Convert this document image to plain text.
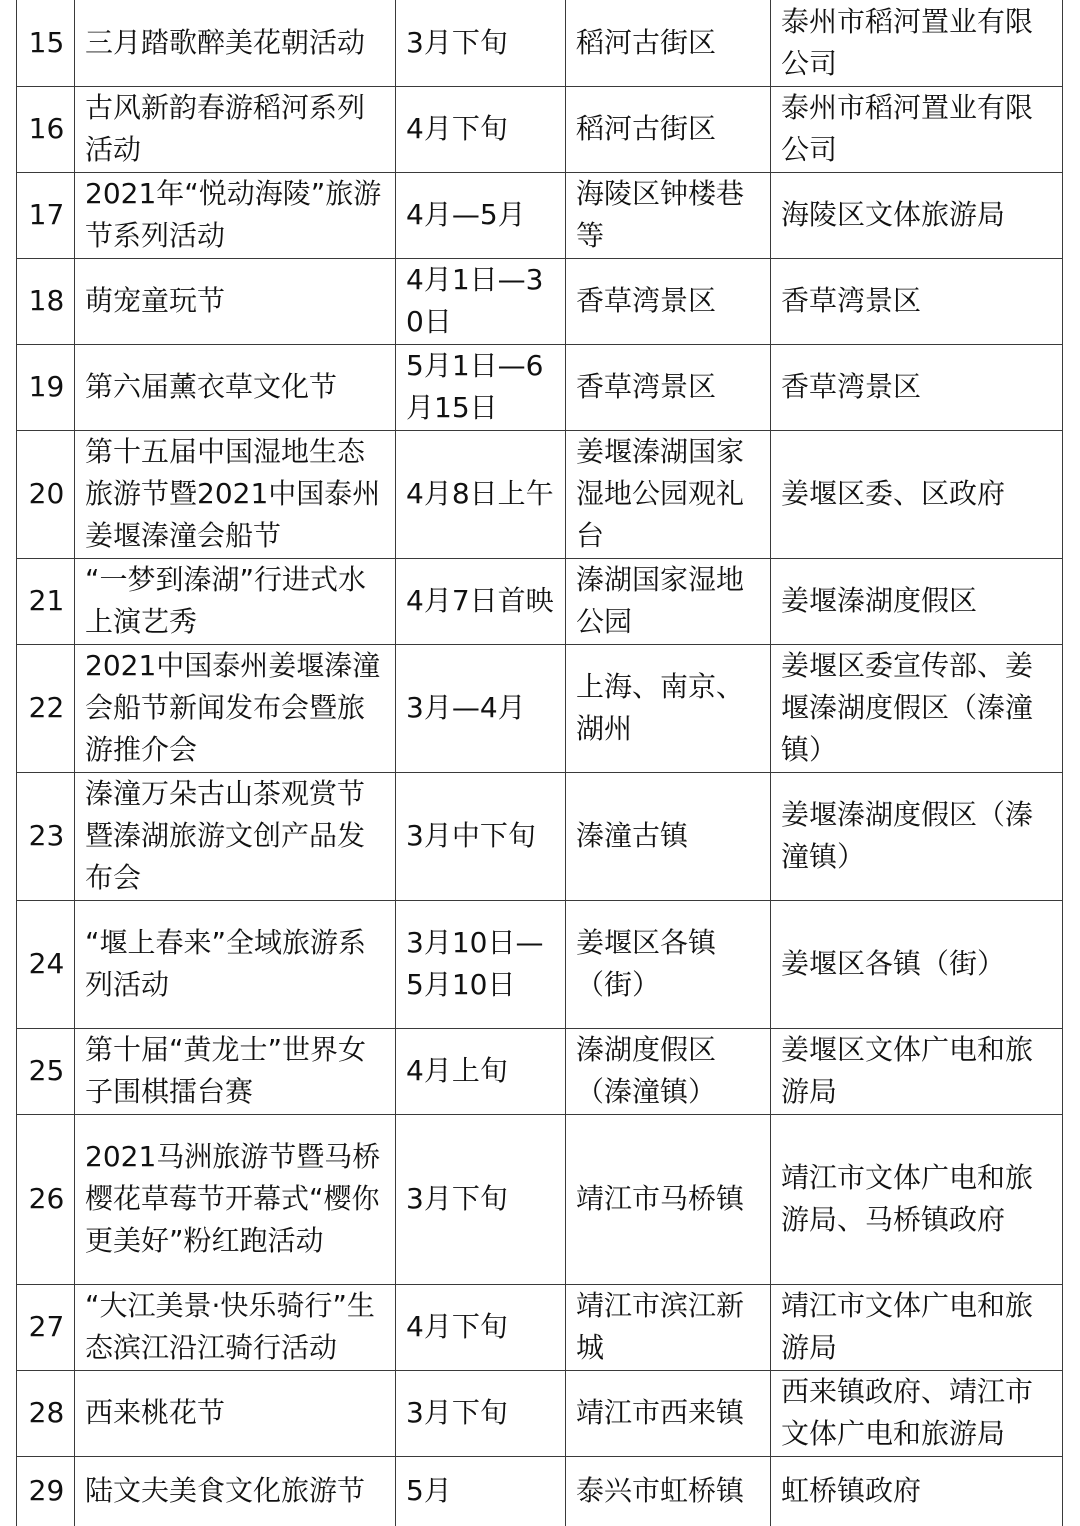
15	三月踏歌醉美花朝活动	3月下旬	稻河古街区	泰州市稻河置业有限公司
16	古风新韵春游稻河系列活动	4月下旬	稻河古街区	泰州市稻河置业有限公司
17	2021年“悦动海陵”旅游节系列活动	4月—5月	海陵区钟楼巷等	海陵区文体旅游局
18	萌宠童玩节	4月1日—30日	香草湾景区	香草湾景区
19	第六届薰衣草文化节	5月1日—6月15日	香草湾景区	香草湾景区
20	第十五届中国湿地生态旅游节暨2021中国泰州姜堰溱潼会船节	4月8日上午	姜堰溱湖国家湿地公园观礼台	姜堰区委、区政府
21	“一梦到溱湖”行进式水上演艺秀	4月7日首映	溱湖国家湿地公园	姜堰溱湖度假区
22	2021中国泰州姜堰溱潼会船节新闻发布会暨旅游推介会	3月—4月	上海、南京、湖州	姜堰区委宣传部、姜堰溱湖度假区（溱潼镇）
23	溱潼万朵古山茶观赏节暨溱湖旅游文创产品发布会	3月中下旬	溱潼古镇	姜堰溱湖度假区（溱潼镇）
24	“堰上春来”全域旅游系列活动	3月10日—5月10日	姜堰区各镇（街）	姜堰区各镇（街）
25	第十届“黄龙士”世界女子围棋擂台赛	4月上旬	溱湖度假区（溱潼镇）	姜堰区文体广电和旅游局
26	2021马洲旅游节暨马桥樱花草莓节开幕式“樱你更美好”粉红跑活动	3月下旬	靖江市马桥镇	靖江市文体广电和旅游局、马桥镇政府
27	“大江美景·快乐骑行”生态滨江沿江骑行活动	4月下旬	靖江市滨江新城	靖江市文体广电和旅游局
28	西来桃花节	3月下旬	靖江市西来镇	西来镇政府、靖江市文体广电和旅游局
29	陆文夫美食文化旅游节	5月	泰兴市虹桥镇	虹桥镇政府
